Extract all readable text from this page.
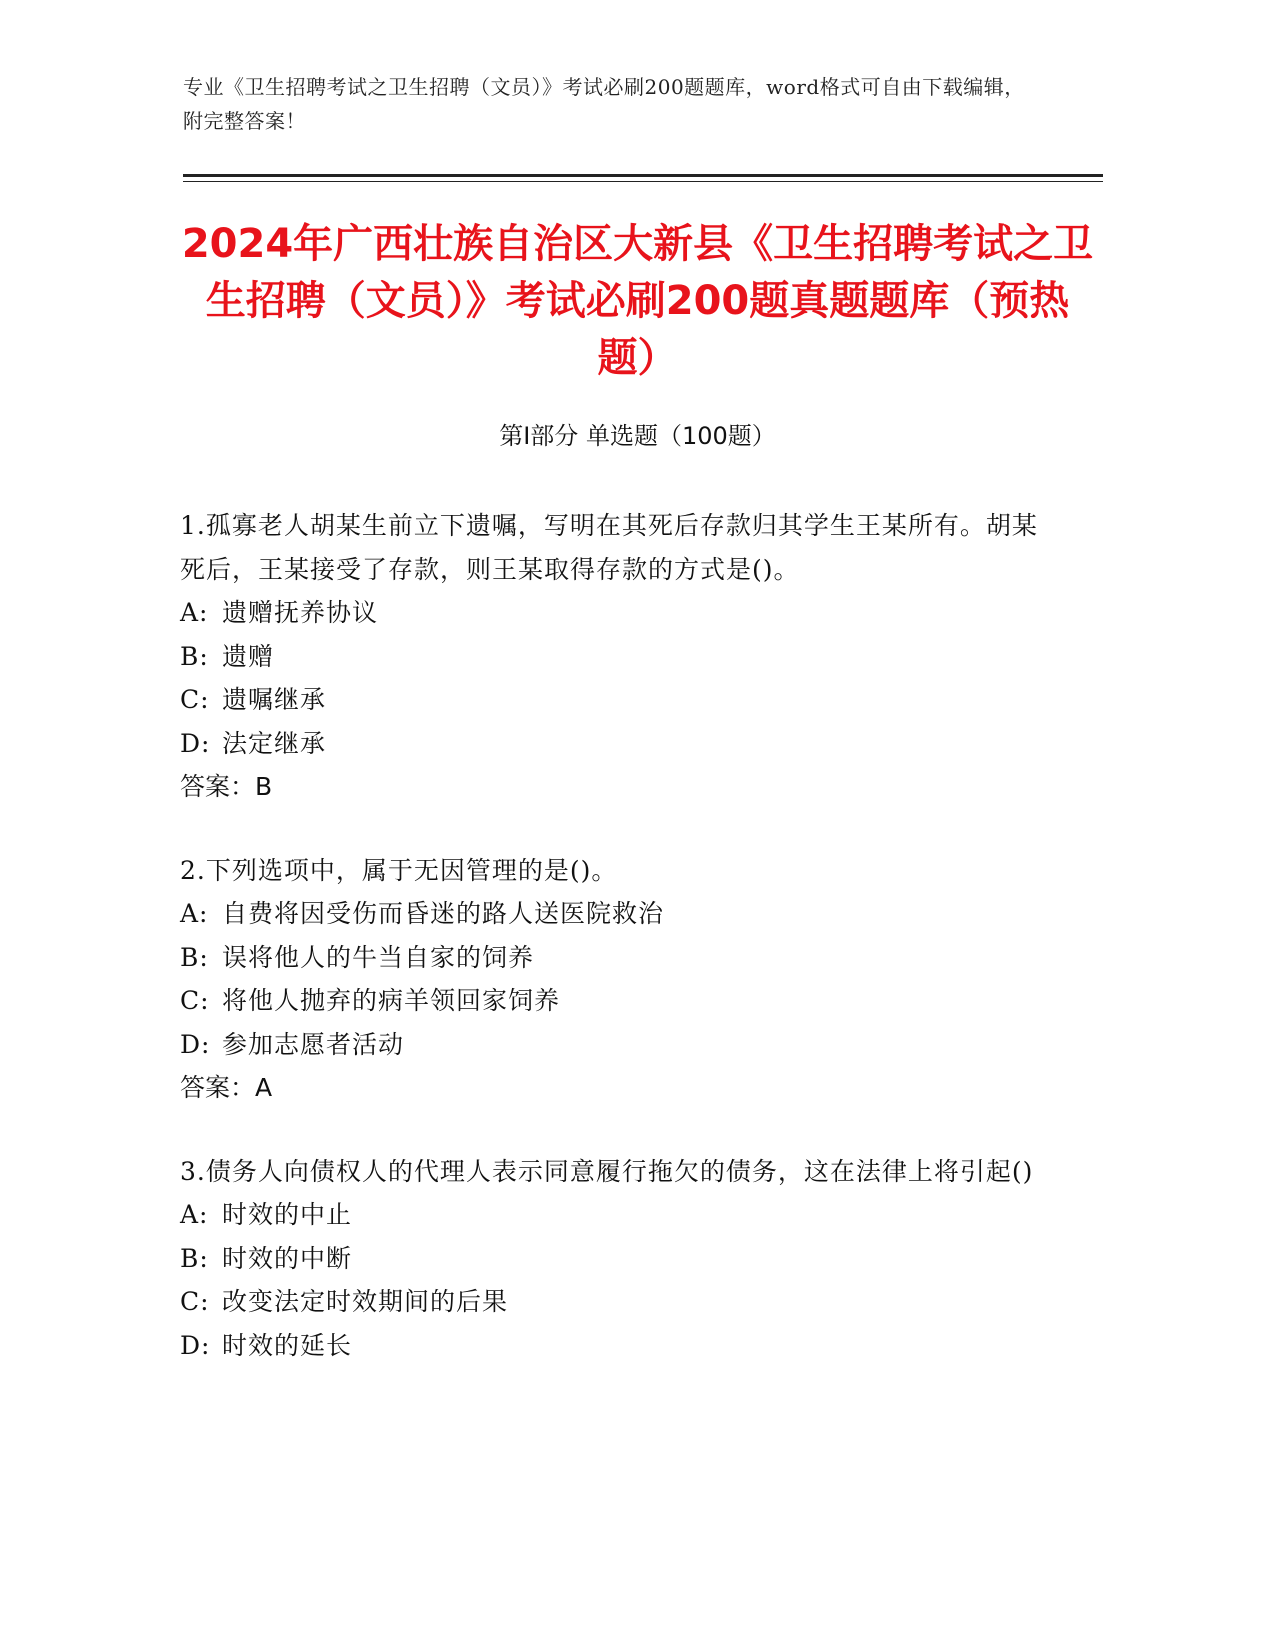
专业《卫生招聘考试之卫生招聘（文员）》考试必刷200题题库，word格式可自由下载编辑，附完整答案！
2024年广西壮族自治区大新县《卫生招聘考试之卫生招聘（文员）》考试必刷200题真题题库（预热题）
第Ⅰ部分 单选题（100题）
1.孤寡老人胡某生前立下遗嘱，写明在其死后存款归其学生王某所有。胡某死后，王某接受了存款，则王某取得存款的方式是()。
A: 遗赠抚养协议
B: 遗赠
C: 遗嘱继承
D: 法定继承
答案：B
2.下列选项中，属于无因管理的是()。
A: 自费将因受伤而昏迷的路人送医院救治
B: 误将他人的牛当自家的饲养
C: 将他人抛弃的病羊领回家饲养
D: 参加志愿者活动
答案：A
3.债务人向债权人的代理人表示同意履行拖欠的债务，这在法律上将引起()
A: 时效的中止
B: 时效的中断
C: 改变法定时效期间的后果
D: 时效的延长
